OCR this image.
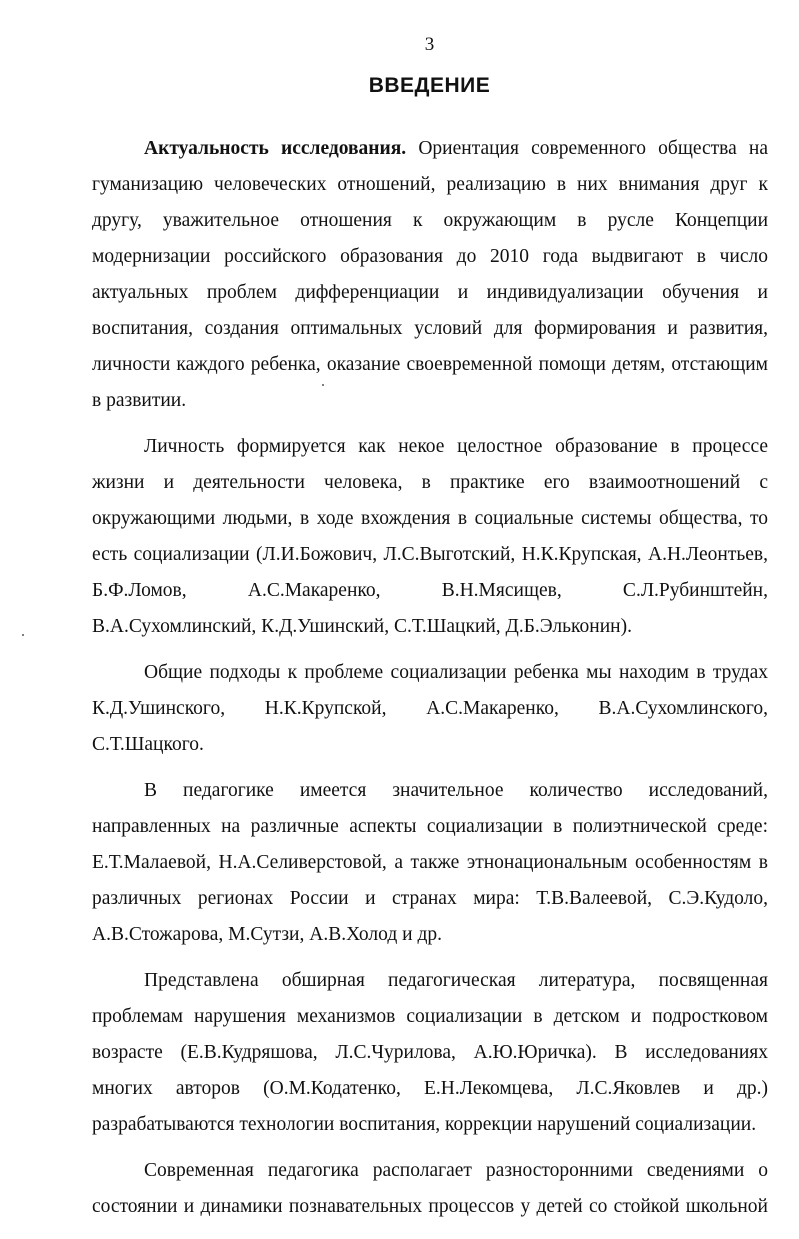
3
ВВЕДЕНИЕ

Актуальность исследования. Ориентация современного общества на гуманизацию человеческих отношений, реализацию в них внимания друг к другу, уважительное отношения к окружающим в русле Концепции модернизации российского образования до 2010 года выдвигают в число актуальных проблем дифференциации и индивидуализации обучения и воспитания, создания оптимальных условий для формирования и развития, личности каждого ребенка, оказание своевременной помощи детям, отстающим в развитии.

Личность формируется как некое целостное образование в процессе жизни и деятельности человека, в практике его взаимоотношений с окружающими людьми, в ходе вхождения в социальные системы общества, то есть социализации (Л.И.Божович, Л.С.Выготский, Н.К.Крупская, А.Н.Леонтьев, Б.Ф.Ломов, А.С.Макаренко, В.Н.Мясищев, С.Л.Рубинштейн, В.А.Сухомлинский, К.Д.Ушинский, С.Т.Шацкий, Д.Б.Эльконин).

Общие подходы к проблеме социализации ребенка мы находим в трудах К.Д.Ушинского, Н.К.Крупской, А.С.Макаренко, В.А.Сухомлинского, С.Т.Шацкого.

В педагогике имеется значительное количество исследований, направленных на различные аспекты социализации в полиэтнической среде: Е.Т.Малаевой, Н.А.Селиверстовой, а также этнонациональным особенностям в различных регионах России и странах мира: Т.В.Валеевой, С.Э.Кудоло, А.В.Стожарова, М.Сутзи, А.В.Холод и др.

Представлена обширная педагогическая литература, посвященная проблемам нарушения механизмов социализации в детском и подростковом возрасте (Е.В.Кудряшова, Л.С.Чурилова, А.Ю.Юричка). В исследованиях многих авторов (О.М.Кодатенко, Е.Н.Лекомцева, Л.С.Яковлев и др.) разрабатываются технологии воспитания, коррекции нарушений социализации.

Современная педагогика располагает разносторонними сведениями о состоянии и динамики познавательных процессов у детей со стойкой школьной
